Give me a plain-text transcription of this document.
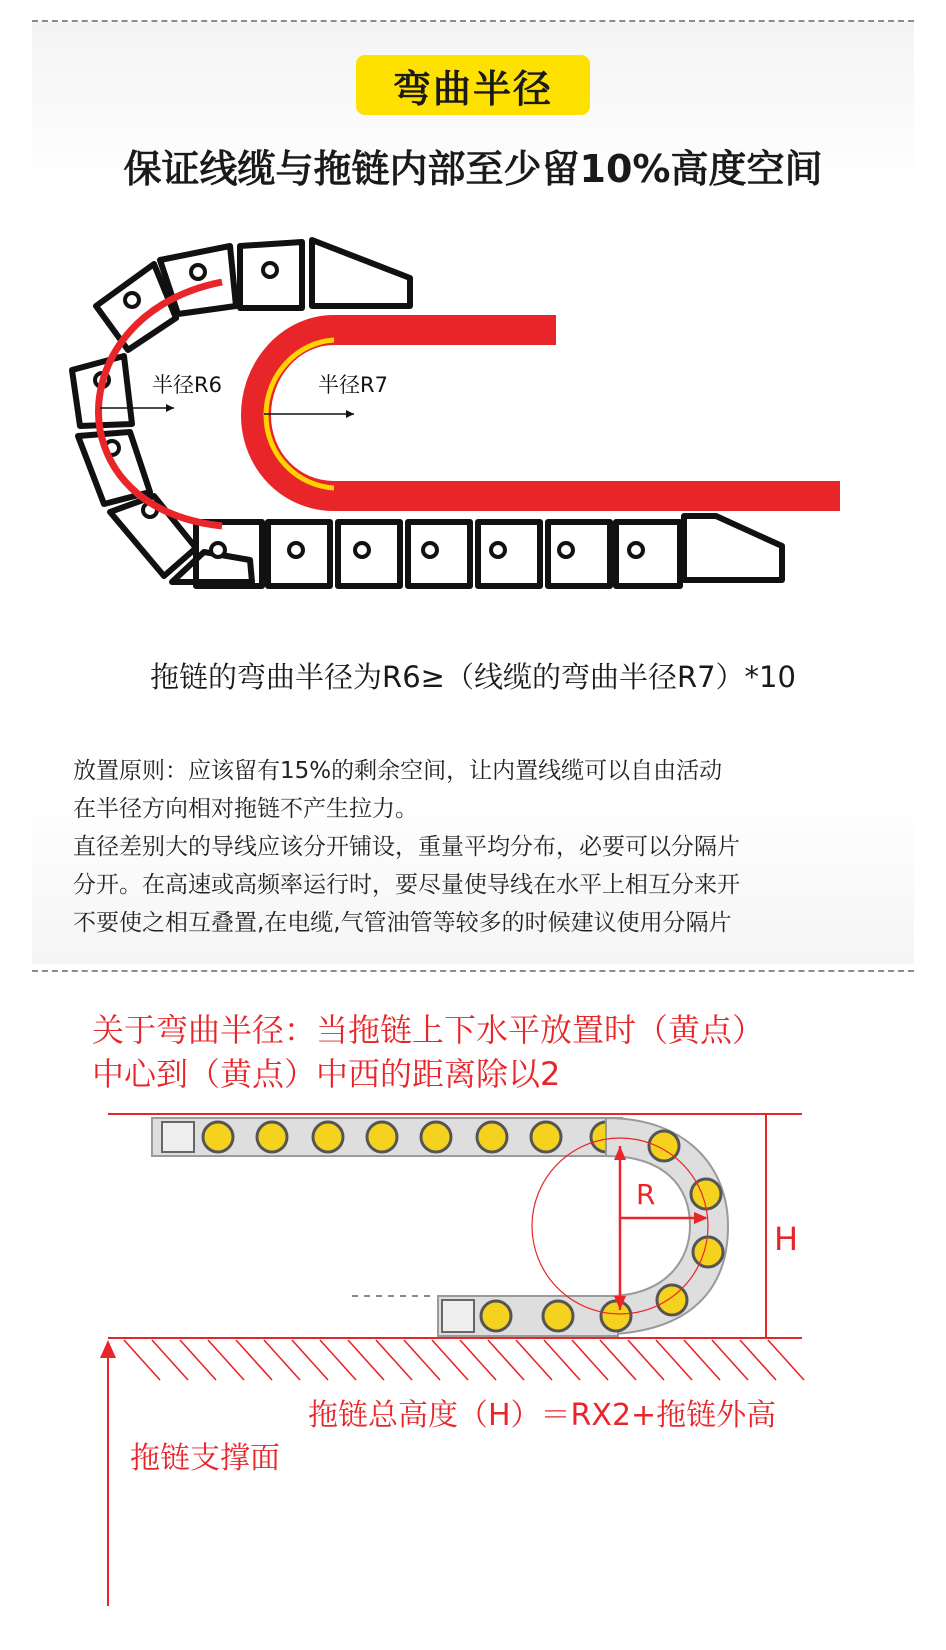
弯曲半径
保证线缆与拖链内部至少留10%高度空间
半径R6	半径R7
拖链的弯曲半径为R6≥（线缆的弯曲半径R7）*10
放置原则：应该留有15%的剩余空间，让内置线缆可以自由活动
在半径方向相对拖链不产生拉力。
直径差别大的导线应该分开铺设，重量平均分布，必要可以分隔片
分开。在高速或高频率运行时，要尽量使导线在水平上相互分来开
不要使之相互叠置,在电缆,气管油管等较多的时候建议使用分隔片
关于弯曲半径：当拖链上下水平放置时（黄点）
中心到（黄点）中西的距离除以2
H
R
拖链总高度（H）＝RX2+拖链外高
拖链支撑面
